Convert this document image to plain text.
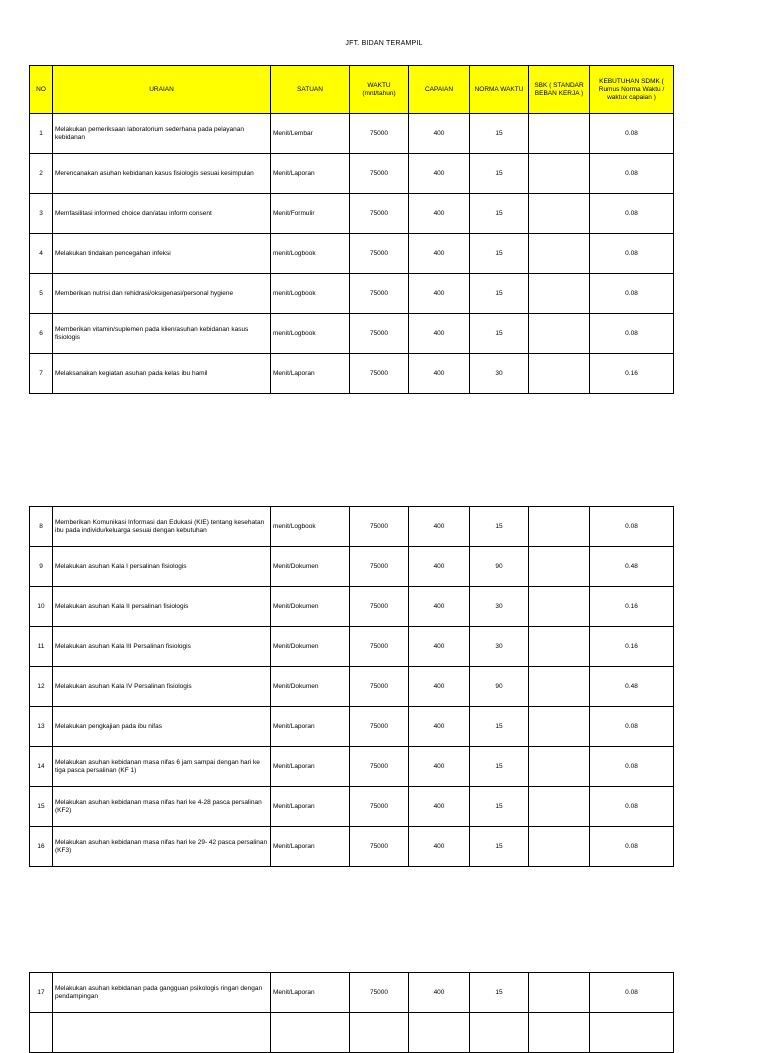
JFT. BIDAN TERAMPIL
NO	URAIAN	SATUAN	WAKTU (mnt/tahun)	CAPAIAN	NORMA WAKTU	SBK ( STANDAR BEBAN KERJA )	KEBUTUHAN SDMK ( Rumus Norma Waktu / waktux capaian )
1	Melakukan pemeriksaan laboratorium sederhana pada pelayanan kebidanan	Menit/Lembar	75000	400	15		0.08
2	Merencanakan asuhan kebidanan kasus fisiologis sesuai kesimpulan	Menit/Laporan	75000	400	15		0.08
3	Memfasilitasi informed choice dan/atau inform consent	Menit/Formulir	75000	400	15		0.08
4	Melakukan tindakan pencegahan infeksi	menit/Logbook	75000	400	15		0.08
5	Memberikan nutrisi dan rehidrasi/oksigenasi/personal hygiene	menit/Logbook	75000	400	15		0.08
6	Memberikan vitamin/suplemen pada klien/asuhan kebidanan kasus fisiologis	menit/Logbook	75000	400	15		0.08
7	Melaksanakan kegiatan asuhan pada kelas ibu hamil	Menit/Laporan	75000	400	30		0.16
8	Memberikan Komunikasi Informasi dan Edukasi (KIE) tentang kesehatan ibu pada individu/keluarga sesuai dengan kebutuhan	menit/Logbook	75000	400	15		0.08
9	Melakukan asuhan Kala I persalinan fisiologis	Menit/Dokumen	75000	400	90		0.48
10	Melakukan asuhan Kala II persalinan fisiologis	Menit/Dokumen	75000	400	30		0.16
11	Melakukan asuhan Kala III Persalinan fisiologis	Menit/Dokumen	75000	400	30		0.16
12	Melakukan asuhan Kala IV Persalinan fisiologis	Menit/Dokumen	75000	400	90		0.48
13	Melakukan pengkajian pada ibu nifas	Menit/Laporan	75000	400	15		0.08
14	Melakukan asuhan kebidanan masa nifas 6 jam sampai dengan hari ke tiga pasca persalinan (KF 1)	Menit/Laporan	75000	400	15		0.08
15	Melakukan asuhan kebidanan masa nifas hari ke 4-28 pasca persalinan (KF2)	Menit/Laporan	75000	400	15		0.08
16	Melakukan asuhan kebidanan masa nifas hari ke 29- 42 pasca persalinan (KF3)	Menit/Laporan	75000	400	15		0.08
17	Melakukan asuhan kebidanan pada gangguan psikologis ringan dengan pendampingan	Menit/Laporan	75000	400	15		0.08
